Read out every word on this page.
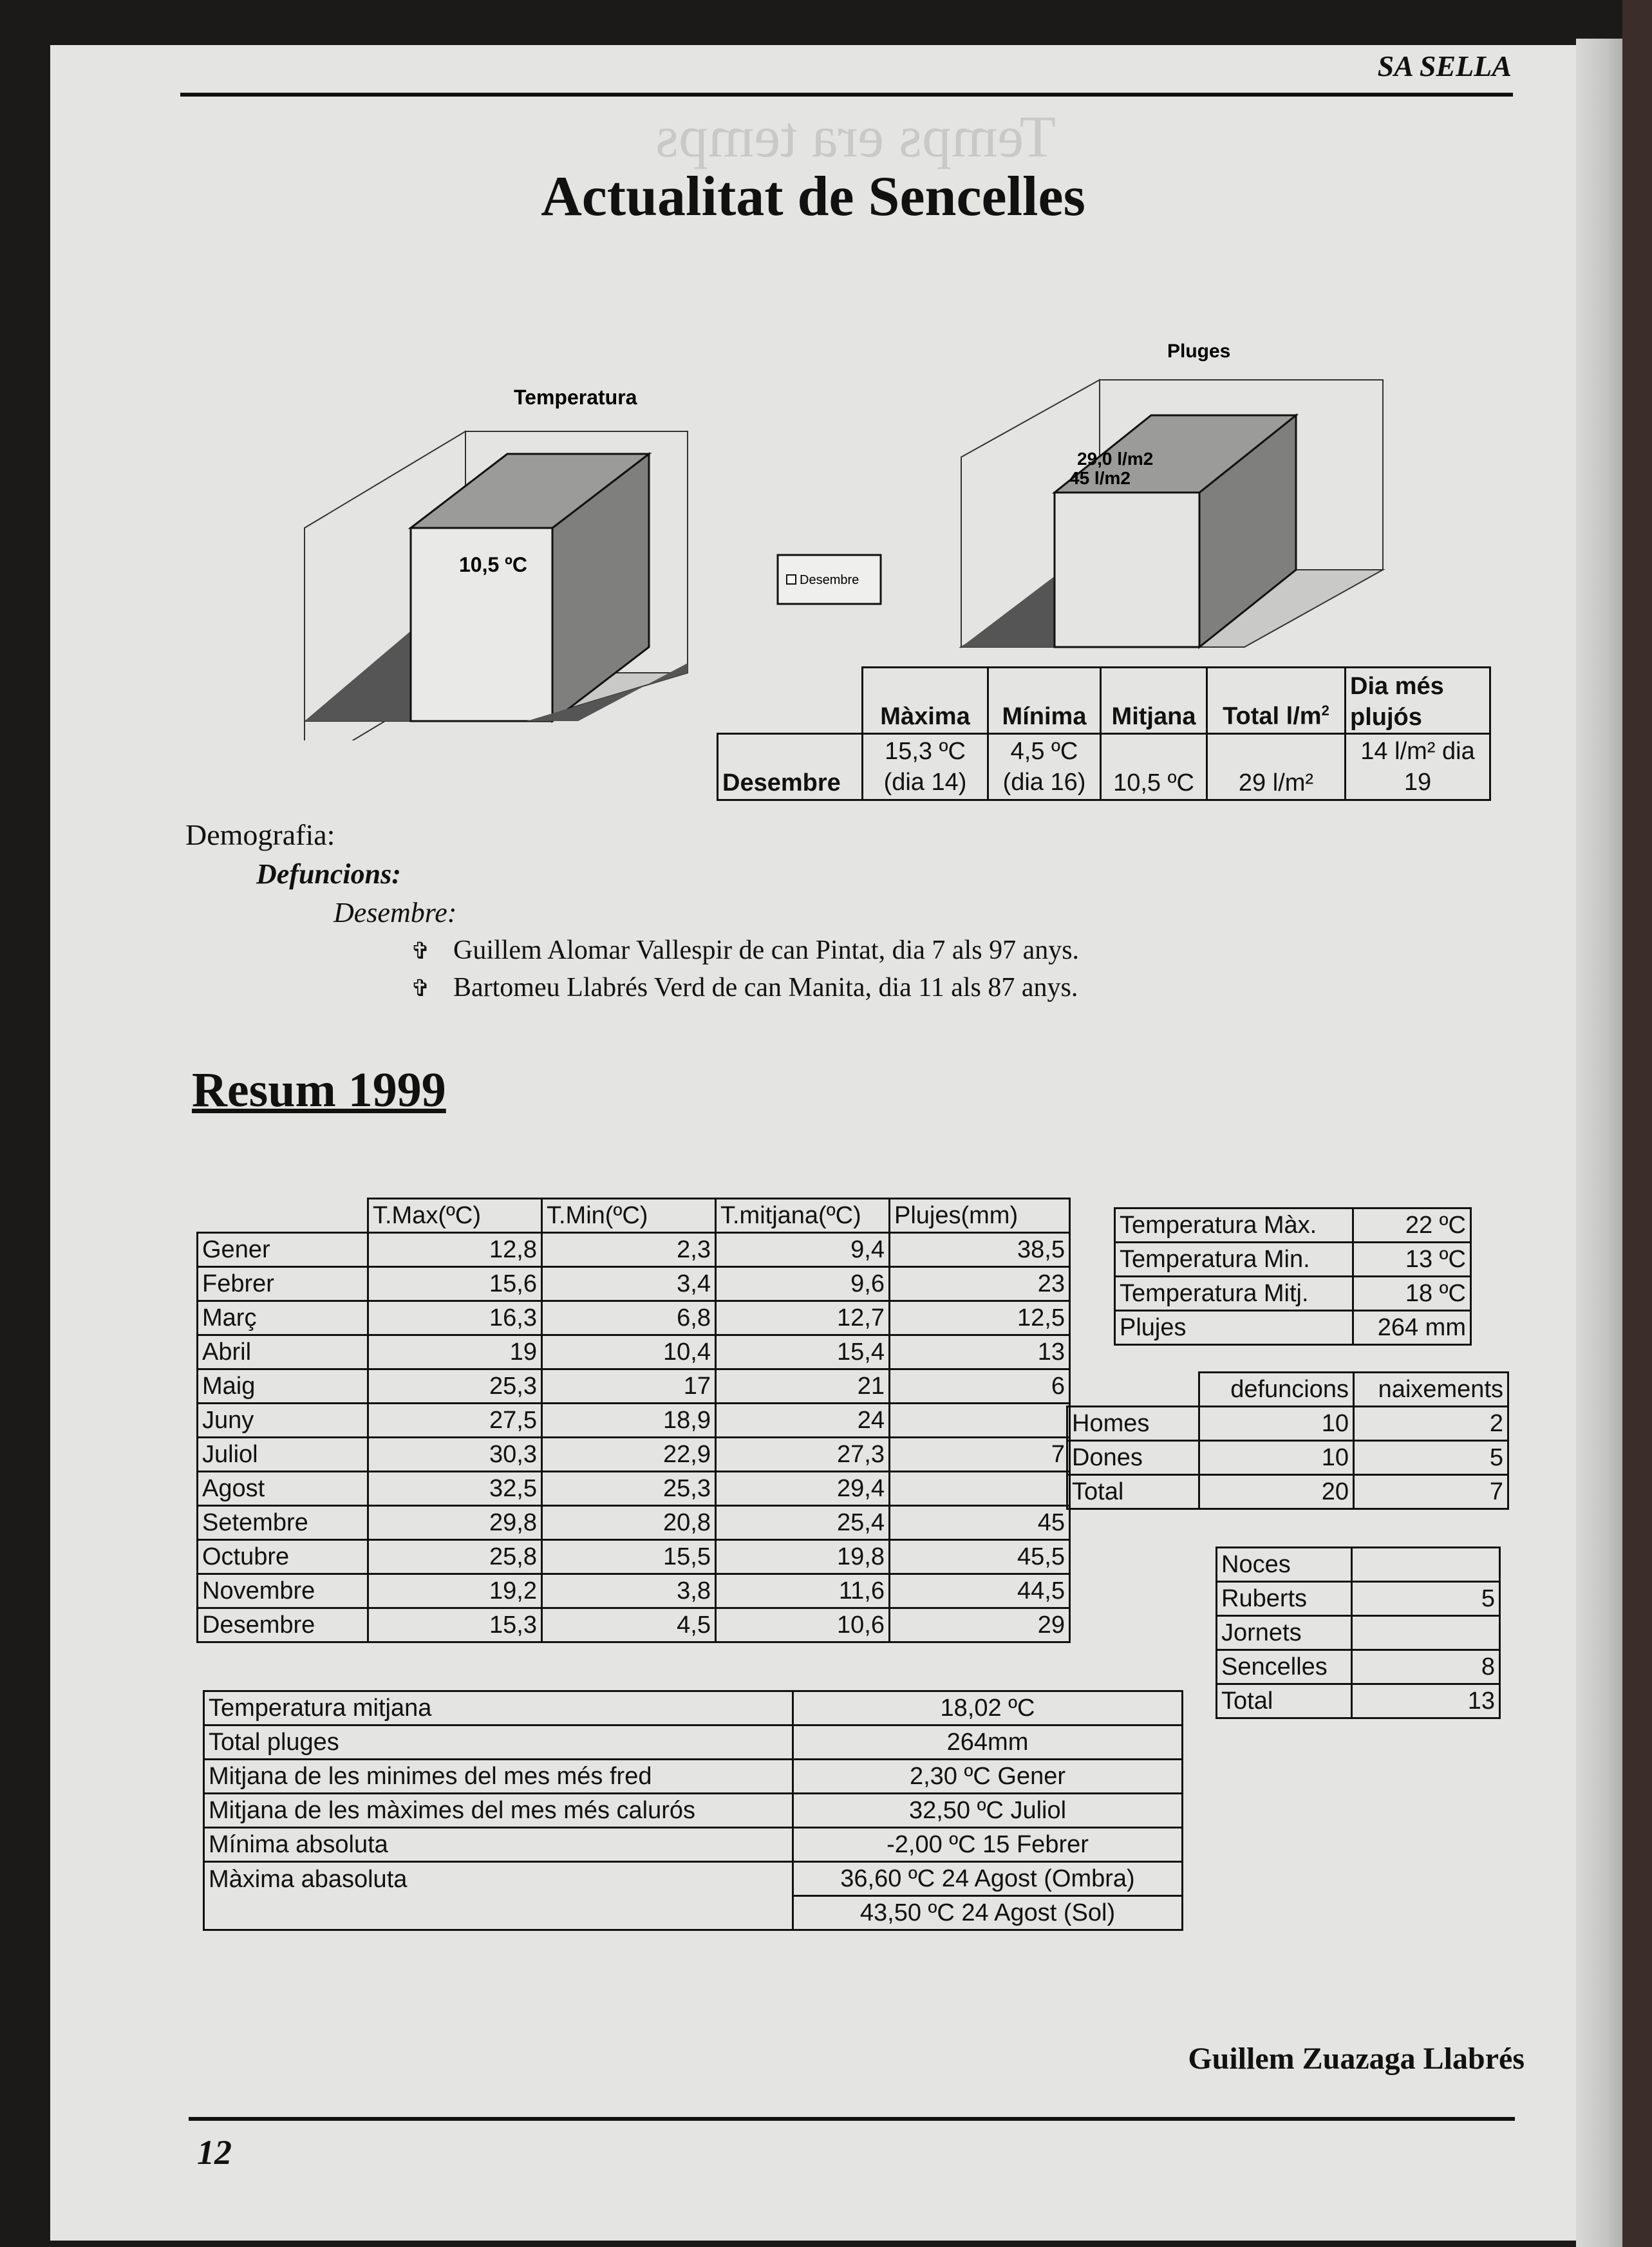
Temps era temps
SA SELLA
Actualitat de Sencelles
Temperatura
10,5 ºC
Desembre
Pluges
29,0 l/m2
45 l/m2
	Màxima	Mínima	Mitjana	Total $l/m^2$	Dia més plujós
Desembre	15,3 ºC (dia 14)	4,5 ºC (dia 16)	10,5 ºC	29 l/m²	14 l/m² dia 19
Demografia:
Defuncions:
Desembre:
✞ Guillem Alomar Vallespir de can Pintat, dia 7 als 97 anys.
✞ Bartomeu Llabrés Verd de can Manita, dia 11 als 87 anys.
Resum 1999
	T.Max(ºC)	T.Min(ºC)	T.mitjana(ºC)	Plujes(mm)
Gener	12,8	2,3	9,4	38,5
Febrer	15,6	3,4	9,6	23
Març	16,3	6,8	12,7	12,5
Abril	19	10,4	15,4	13
Maig	25,3	17	21	6
Juny	27,5	18,9	24	
Juliol	30,3	22,9	27,3	7
Agost	32,5	25,3	29,4	
Setembre	29,8	20,8	25,4	45
Octubre	25,8	15,5	19,8	45,5
Novembre	19,2	3,8	11,6	44,5
Desembre	15,3	4,5	10,6	29
Temperatura Màx.	22 ºC
Temperatura Min.	13 ºC
Temperatura Mitj.	18 ºC
Plujes	264 mm
	defuncions	naixements
Homes	10	2
Dones	10	5
Total	20	7
Noces	
Ruberts	5
Jornets	
Sencelles	8
Total	13
Temperatura mitjana	18,02 ºC
Total pluges	264mm
Mitjana de les minimes del mes més fred	2,30 ºC Gener
Mitjana de les màximes del mes més calurós	32,50 ºC Juliol
Mínima absoluta	-2,00 ºC 15 Febrer
Màxima abasoluta	36,60 ºC 24 Agost (Ombra)
	43,50 ºC 24 Agost (Sol)
Guillem Zuazaga Llabrés
12
